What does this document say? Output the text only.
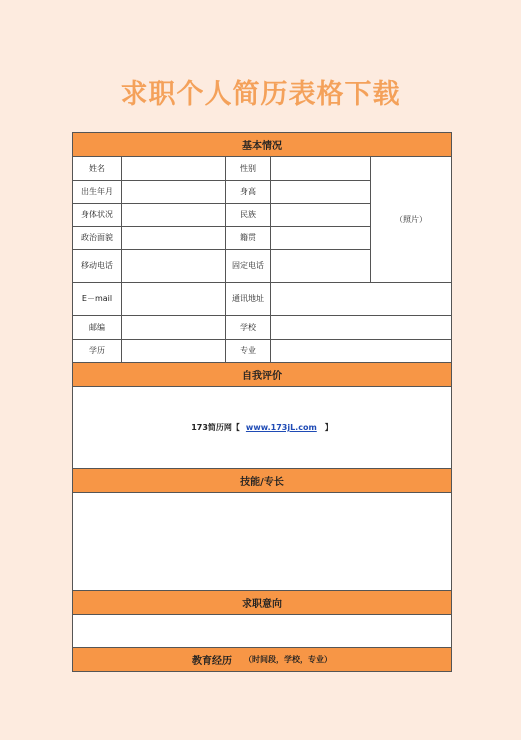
求职个人简历表格下载
基本情况
姓名	性别
（照片）
出生年月	身高
身体状况	民族
政治面貌	籍贯
移动电话	固定电话
E－mail	通讯地址
邮编	学校
学历	专业
自我评价
173简历网【 www.173jL.com 】
技能/专长
求职意向
教育经历 （时间段，学校，专业）
